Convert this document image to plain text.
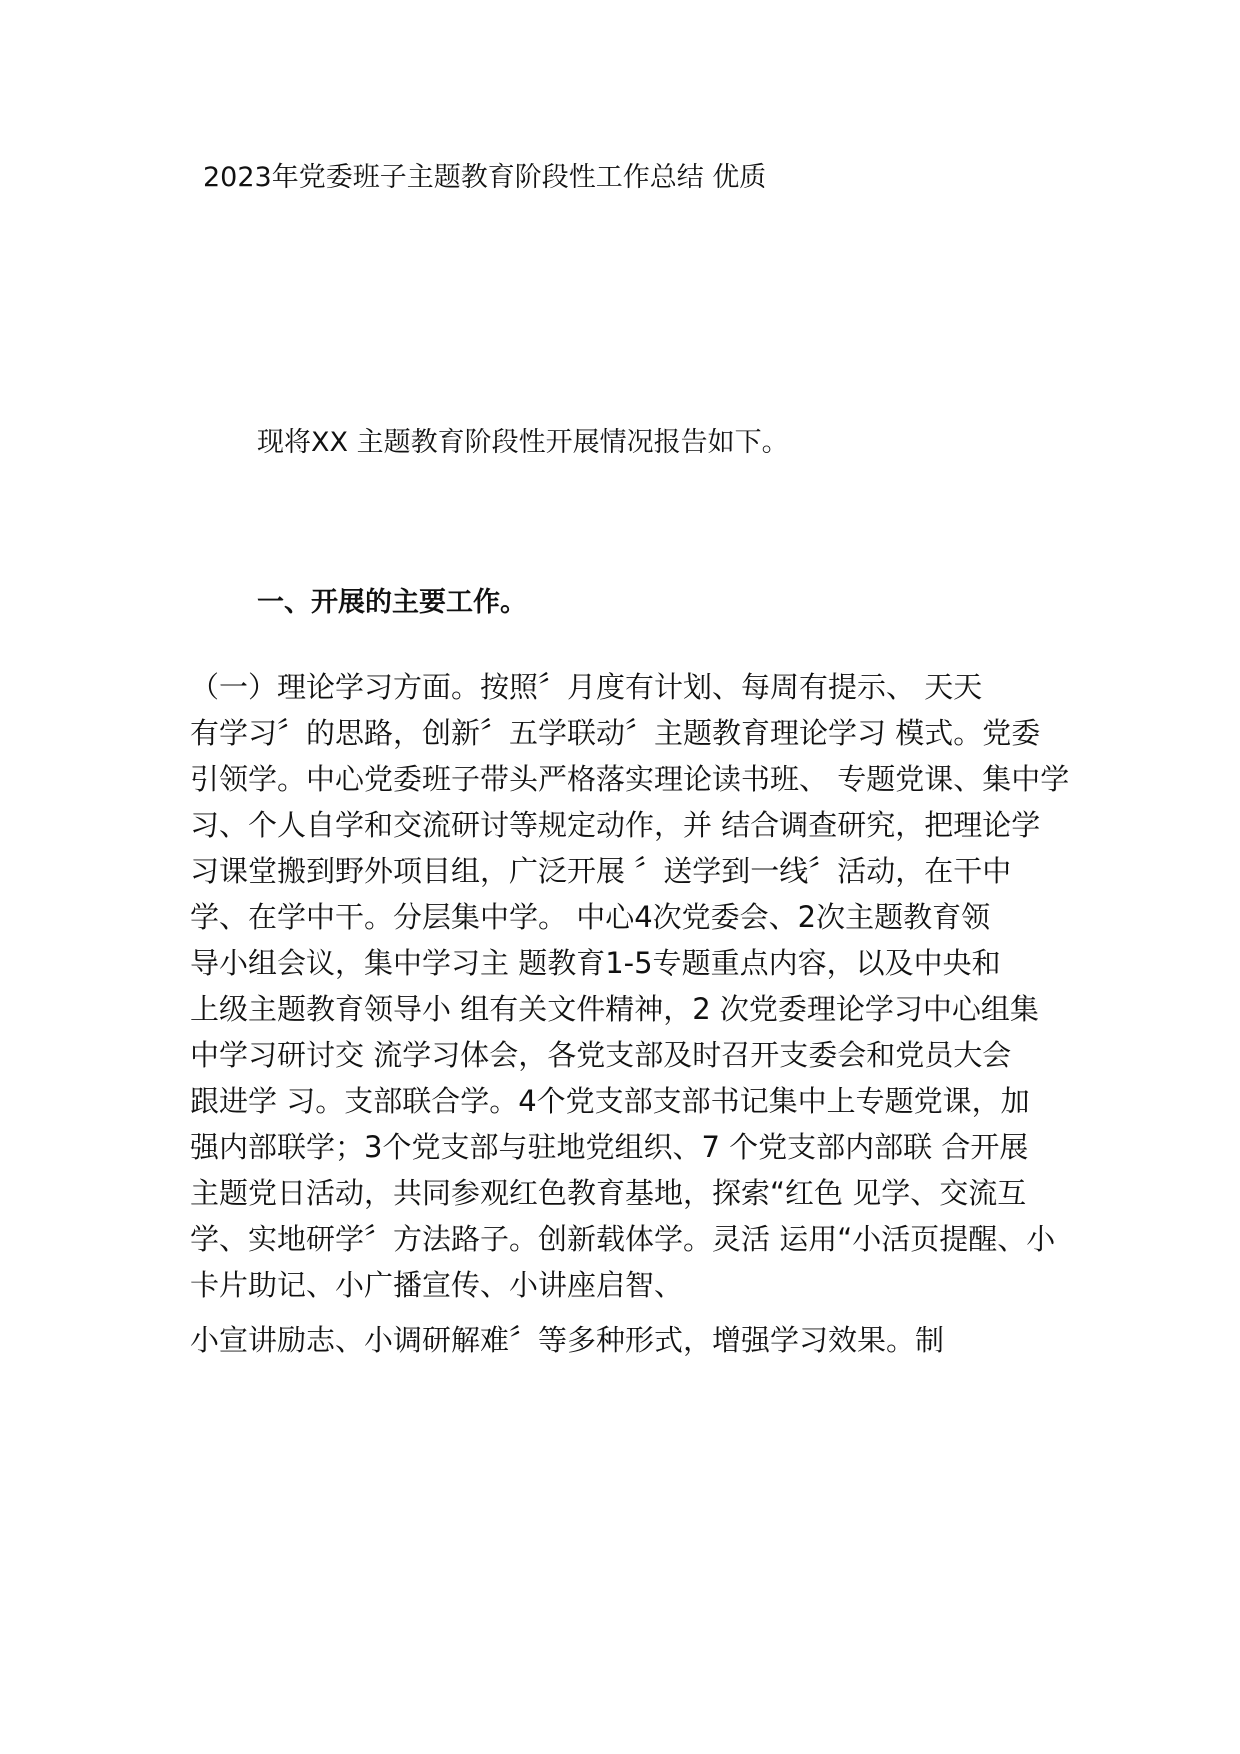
2023年党委班子主题教育阶段性工作总结 优质
现将XX 主题教育阶段性开展情况报告如下。
一、开展的主要工作。
（一）理论学习方面。按照〞月度有计划、每周有提示、 天天
有学习〞的思路，创新〞五学联动〞主题教育理论学习 模式。党委
引领学。中心党委班子带头严格落实理论读书班、 专题党课、集中学
习、个人自学和交流研讨等规定动作，并 结合调查研究，把理论学
习课堂搬到野外项目组，广泛开展 〞送学到一线〞活动，在干中
学、在学中干。分层集中学。 中心4次党委会、2次主题教育领
导小组会议，集中学习主 题教育1-5专题重点内容，以及中央和
上级主题教育领导小 组有关文件精神，2 次党委理论学习中心组集
中学习研讨交 流学习体会，各党支部及时召开支委会和党员大会
跟进学 习。支部联合学。4个党支部支部书记集中上专题党课，加
强内部联学；3个党支部与驻地党组织、7 个党支部内部联 合开展
主题党日活动，共同参观红色教育基地，探索“红色 见学、交流互
学、实地研学〞方法路子。创新载体学。灵活 运用“小活页提醒、小
卡片助记、小广播宣传、小讲座启智、
小宣讲励志、小调研解难〞等多种形式，增强学习效果。制
